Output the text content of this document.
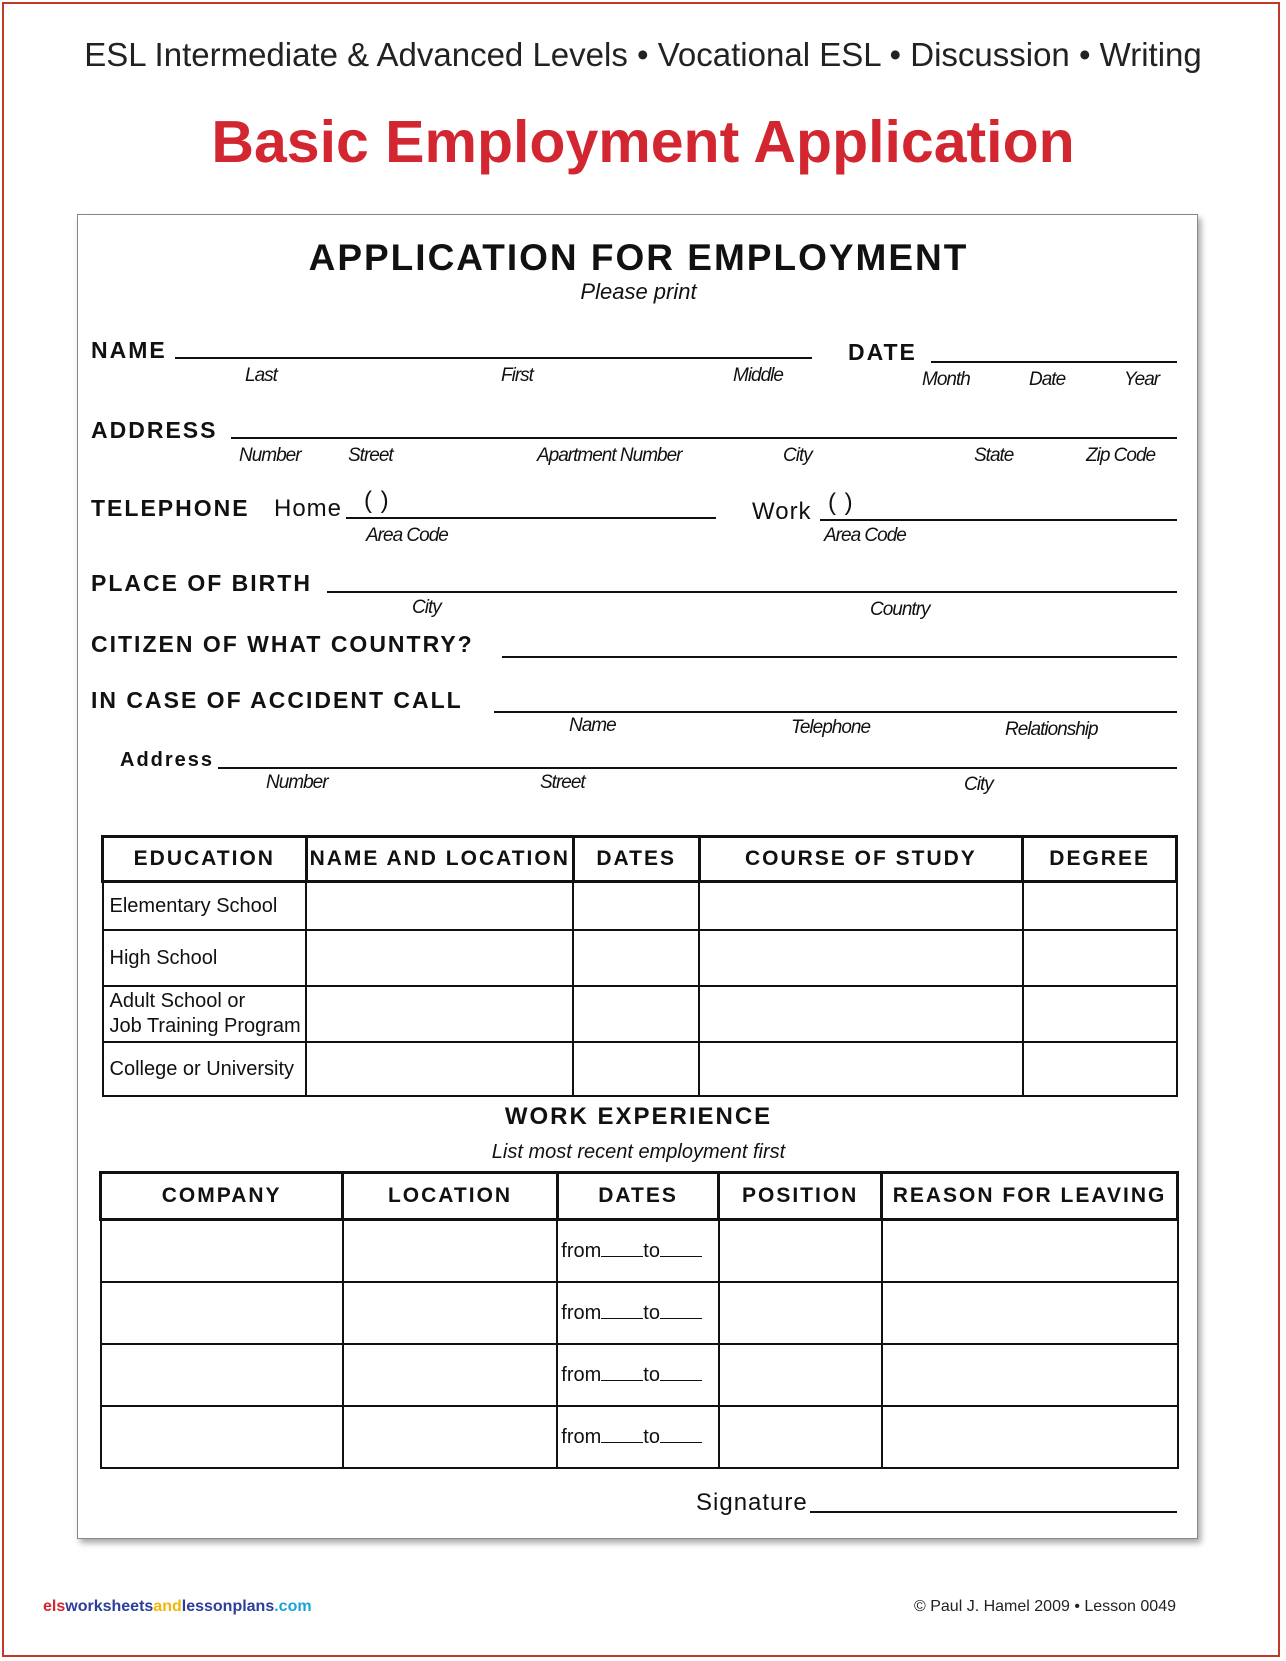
ESL Intermediate & Advanced Levels • Vocational ESL • Discussion • Writing
Basic Employment Application
APPLICATION FOR EMPLOYMENT
Please print
NAME
Last	First	Middle
DATE
Month	Date	Year
ADDRESS
Number Street	Apartment Number	City	State	Zip Code
TELEPHONE Home ( )
Area Code
Work ( )
Area Code
PLACE OF BIRTH
City	Country
CITIZEN OF WHAT COUNTRY?
IN CASE OF ACCIDENT CALL
Name	Telephone	Relationship
Address
Number	Street	City
EDUCATION	NAME AND LOCATION	DATES	COURSE OF STUDY	DEGREE
Elementary School				
High School				

Adult School or
Job Training Program				

College or University				
WORK EXPERIENCE
List most recent employment first
COMPANY	LOCATION	DATES	POSITION	REASON FOR LEAVING
		from to		
		from to		
		from to		
		from to		
Signature
elsworksheetsandlessonplans.com	© Paul J. Hamel 2009 • Lesson 0049
